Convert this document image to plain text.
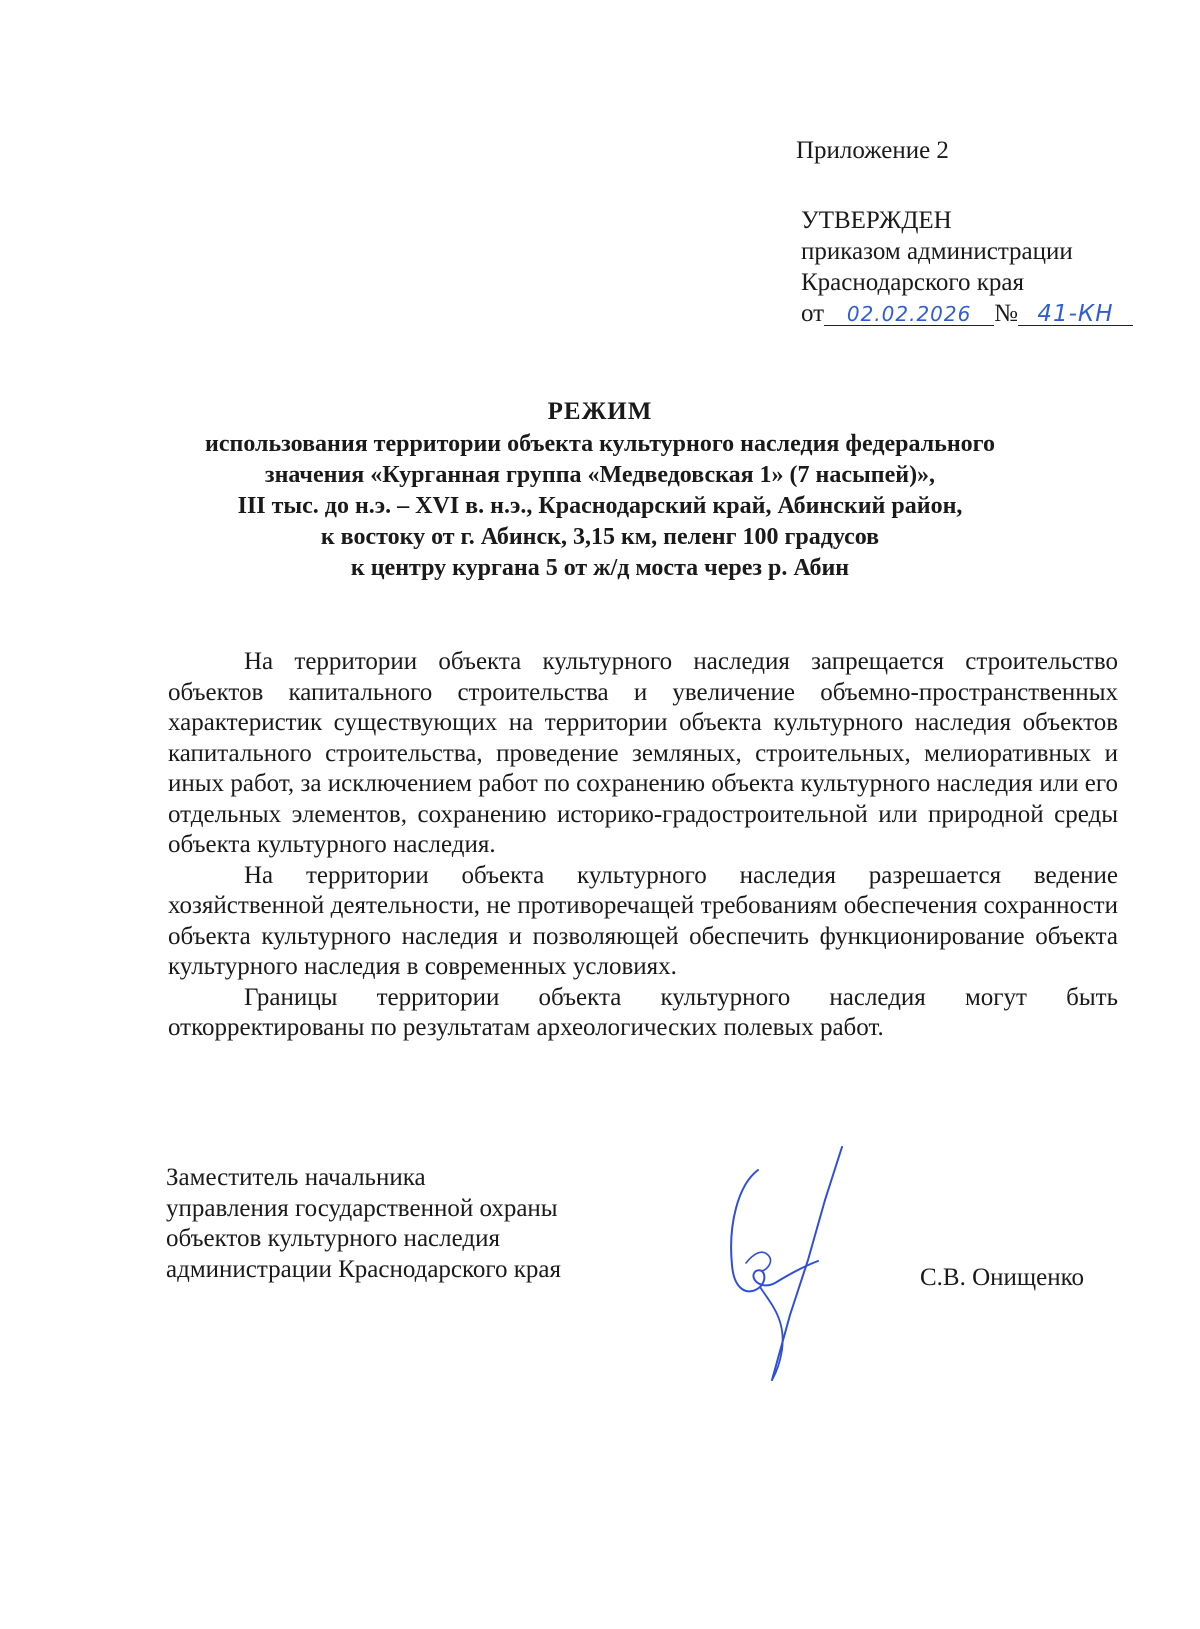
Приложение 2
УТВЕРЖДЕН
приказом администрации
Краснодарского края
от 02.02.2026 № 41-КН
РЕЖИМ
использования территории объекта культурного наследия федерального
значения «Курганная группа «Медведовская 1» (7 насыпей)»,
III тыс. до н.э. – XVI в. н.э., Краснодарский край, Абинский район,
к востоку от г. Абинск, 3,15 км, пеленг 100 градусов
к центру кургана 5 от ж/д моста через р. Абин

На территории объекта культурного наследия запрещается строительство объектов капитального строительства и увеличение объемно-пространственных характеристик существующих на территории объекта культурного наследия объектов капитального строительства, проведение земляных, строительных, мелиоративных и иных работ, за исключением работ по сохранению объекта культурного наследия или его отдельных элементов, сохранению историко-градостроительной или природной среды объекта культурного наследия.

На территории объекта культурного наследия разрешается ведение хозяйственной деятельности, не противоречащей требованиям обеспечения сохранности объекта культурного наследия и позволяющей обеспечить функционирование объекта культурного наследия в современных условиях.

Границы территории объекта культурного наследия могут быть откорректированы по результатам археологических полевых работ.

Заместитель начальника
управления государственной охраны
объектов культурного наследия
администрации Краснодарского края	С.В. Онищенко
